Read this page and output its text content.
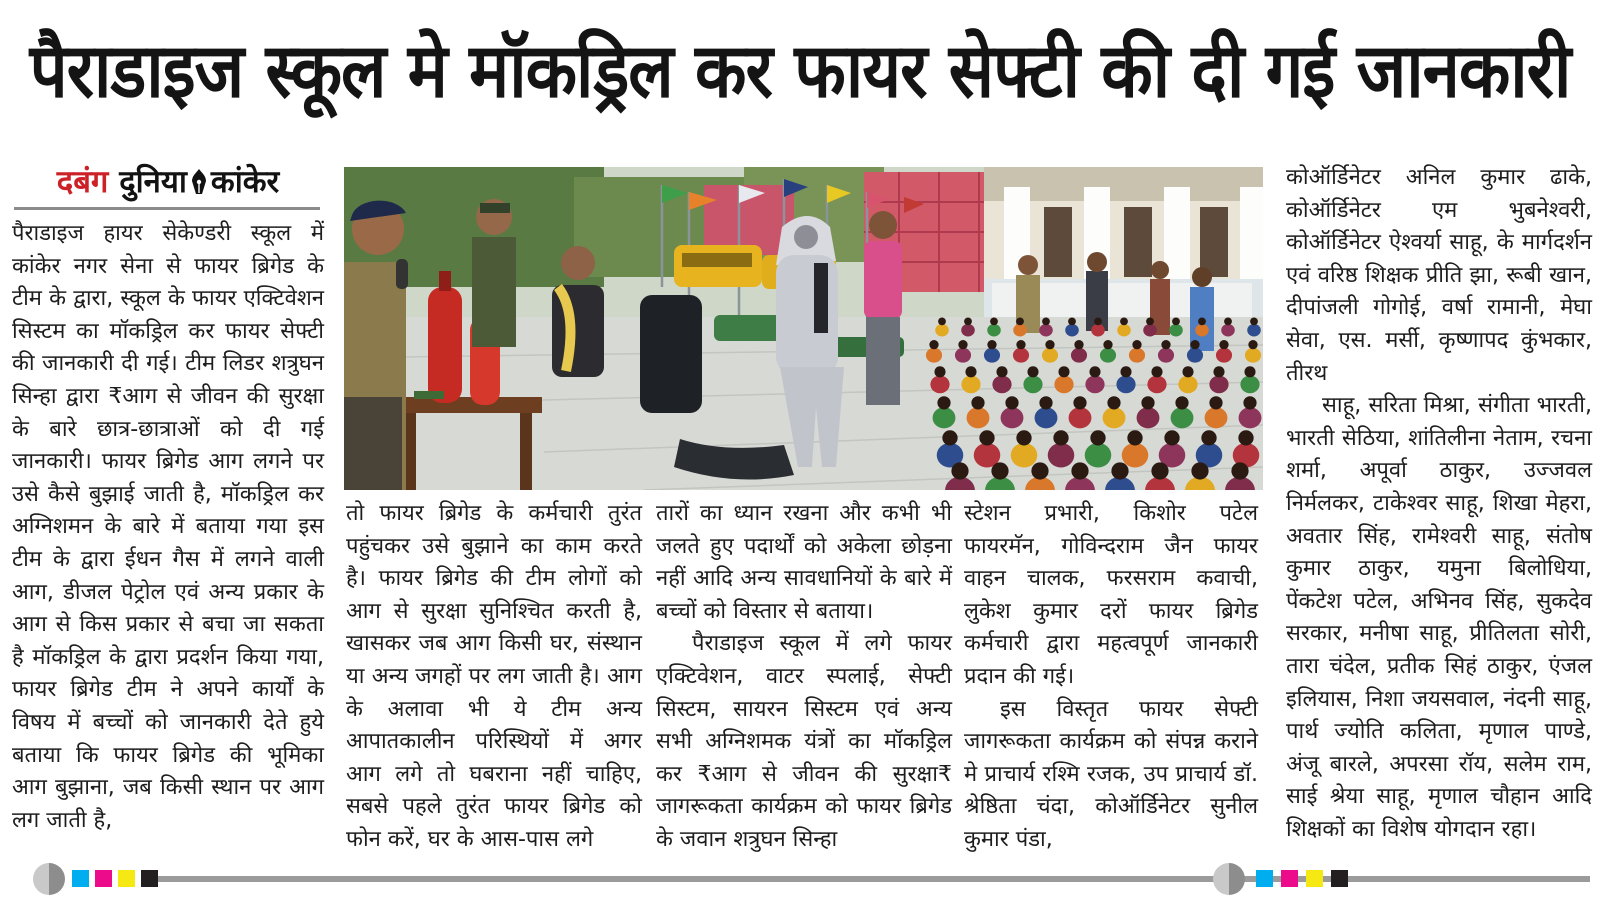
पैराडाइज स्कूल मे मॉकड्रिल कर फायर सेफ्टी की दी गई जानकारी
दबंग दुनिया कांकेर

पैराडाइज हायर सेकेण्डरी स्कूल में कांकेर नगर सेना से फायर ब्रिगेड के टीम के द्वारा, स्कूल के फायर एक्टिवेशन सिस्टम का मॉकड्रिल कर फायर सेफ्टी की जानकारी दी गई। टीम लिडर शत्रुघन सिन्हा द्वारा ₹आग से जीवन की सुरक्षा के बारे छात्र-छात्राओं को दी गई जानकारी। फायर ब्रिगेड आग लगने पर उसे कैसे बुझाई जाती है, मॉकड्रिल कर अग्निशमन के बारे में बताया गया इस टीम के द्वारा ईधन गैस में लगने वाली आग, डीजल पेट्रोल एवं अन्य प्रकार के आग से किस प्रकार से बचा जा सकता है मॉकड्रिल के द्वारा प्रदर्शन किया गया, फायर ब्रिगेड टीम ने अपने कार्यों के विषय में बच्चों को जानकारी देते हुये बताया कि फायर ब्रिगेड की भूमिका आग बुझाना, जब किसी स्थान पर आग लग जाती है,

तो फायर ब्रिगेड के कर्मचारी तुरंत पहुंचकर उसे बुझाने का काम करते है। फायर ब्रिगेड की टीम लोगों को आग से सुरक्षा सुनिश्चित करती है, खासकर जब आग किसी घर, संस्थान या अन्य जगहों पर लग जाती है। आग के अलावा भी ये टीम अन्य आपातकालीन परिस्थियों में अगर आग लगे तो घबराना नहीं चाहिए, सबसे पहले तुरंत फायर ब्रिगेड को फोन करें, घर के आस-पास लगे

तारों का ध्यान रखना और कभी भी जलते हुए पदार्थों को अकेला छोड़ना नहीं आदि अन्य सावधानियों के बारे में बच्चों को विस्तार से बताया।

पैराडाइज स्कूल में लगे फायर एक्टिवेशन, वाटर स्पलाई, सेफ्टी सिस्टम, सायरन सिस्टम एवं अन्य सभी अग्निशमक यंत्रों का मॉकड्रिल कर ₹आग से जीवन की सुरक्षा₹ जागरूकता कार्यक्रम को फायर ब्रिगेड के जवान शत्रुघन सिन्हा

स्टेशन प्रभारी, किशोर पटेल फायरमॅन, गोविन्दराम जैन फायर वाहन चालक, फरसराम कवाची, लुकेश कुमार दरों फायर ब्रिगेड कर्मचारी द्वारा महत्वपूर्ण जानकारी प्रदान की गई।

इस विस्तृत फायर सेफ्टी जागरूकता कार्यक्रम को संपन्न कराने मे प्राचार्य रश्मि रजक, उप प्राचार्य डॉ. श्रेष्ठिता चंदा, कोऑर्डिनेटर सुनील कुमार पंडा,

कोऑर्डिनेटर अनिल कुमार ढाके, कोऑर्डिनेटर एम भुबनेश्वरी, कोऑर्डिनेटर ऐश्वर्या साहू, के मार्गदर्शन एवं वरिष्ठ शिक्षक प्रीति झा, रूबी खान, दीपांजली गोगोई, वर्षा रामानी, मेघा सेवा, एस. मर्सी, कृष्णापद कुंभकार, तीरथ

साहू, सरिता मिश्रा, संगीता भारती, भारती सेठिया, शांतिलीना नेताम, रचना शर्मा, अपूर्वा ठाकुर, उज्जवल निर्मलकर, टाकेश्वर साहू, शिखा मेहरा, अवतार सिंह, रामेश्वरी साहू, संतोष कुमार ठाकुर, यमुना बिलोधिया, पेंकटेश पटेल, अभिनव सिंह, सुकदेव सरकार, मनीषा साहू, प्रीतिलता सोरी, तारा चंदेल, प्रतीक सिहं ठाकुर, एंजल इलियास, निशा जयसवाल, नंदनी साहू, पार्थ ज्योति कलिता, मृणाल पाण्डे, अंजू बारले, अपरसा रॉय, सलेम राम, साई श्रेया साहू, मृणाल चौहान आदि शिक्षकों का विशेष योगदान रहा।
